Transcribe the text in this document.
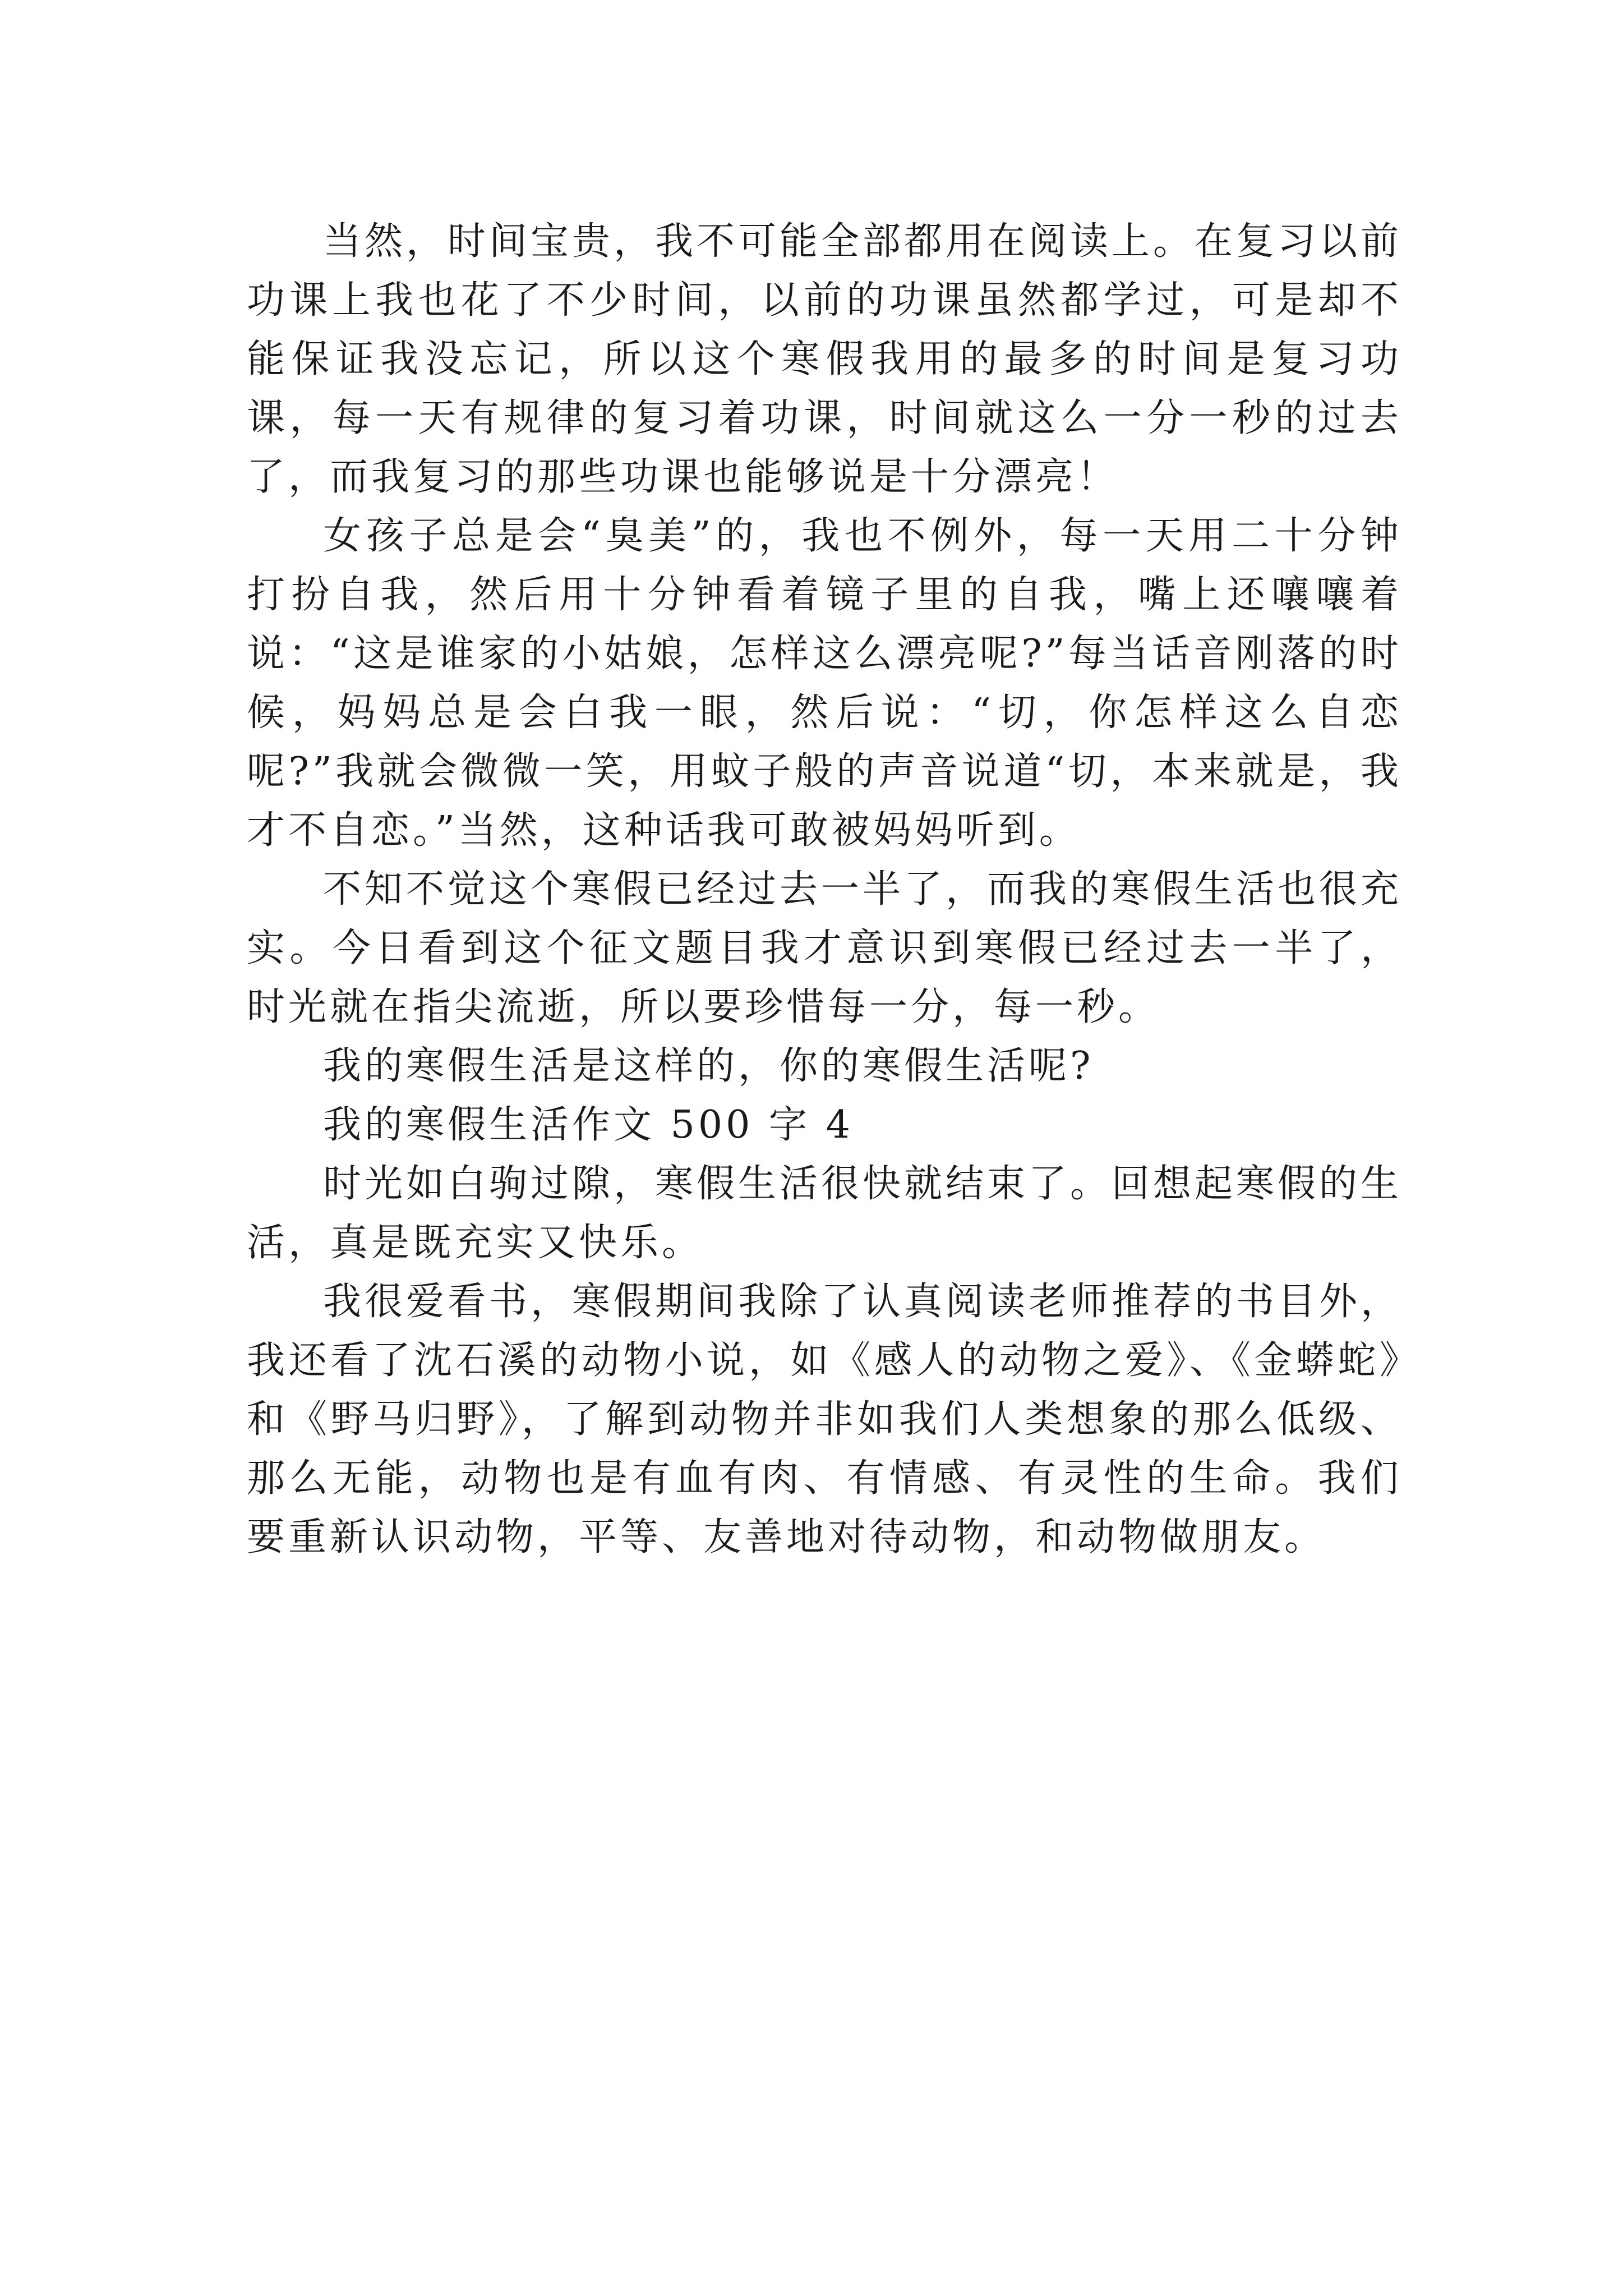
当然，时间宝贵，我不可能全部都用在阅读上。在复习以前功课上我也花了不少时间，以前的功课虽然都学过，可是却不能保证我没忘记，所以这个寒假我用的最多的时间是复习功课，每一天有规律的复习着功课，时间就这么一分一秒的过去了，而我复习的那些功课也能够说是十分漂亮！

女孩子总是会“臭美”的，我也不例外，每一天用二十分钟打扮自我，然后用十分钟看着镜子里的自我，嘴上还嚷嚷着说：“这是谁家的小姑娘，怎样这么漂亮呢?”每当话音刚落的时候，妈妈总是会白我一眼，然后说：“切，你怎样这么自恋呢?”我就会微微一笑，用蚊子般的声音说道“切，本来就是，我才不自恋。”当然，这种话我可敢被妈妈听到。

不知不觉这个寒假已经过去一半了，而我的寒假生活也很充实。今日看到这个征文题目我才意识到寒假已经过去一半了，时光就在指尖流逝，所以要珍惜每一分，每一秒。

我的寒假生活是这样的，你的寒假生活呢?

我的寒假生活作文 500 字 4

时光如白驹过隙，寒假生活很快就结束了。回想起寒假的生活，真是既充实又快乐。

我很爱看书，寒假期间我除了认真阅读老师推荐的书目外，我还看了沈石溪的动物小说，如《感人的动物之爱》、《金蟒蛇》和《野马归野》，了解到动物并非如我们人类想象的那么低级、那么无能，动物也是有血有肉、有情感、有灵性的生命。我们要重新认识动物，平等、友善地对待动物，和动物做朋友。
